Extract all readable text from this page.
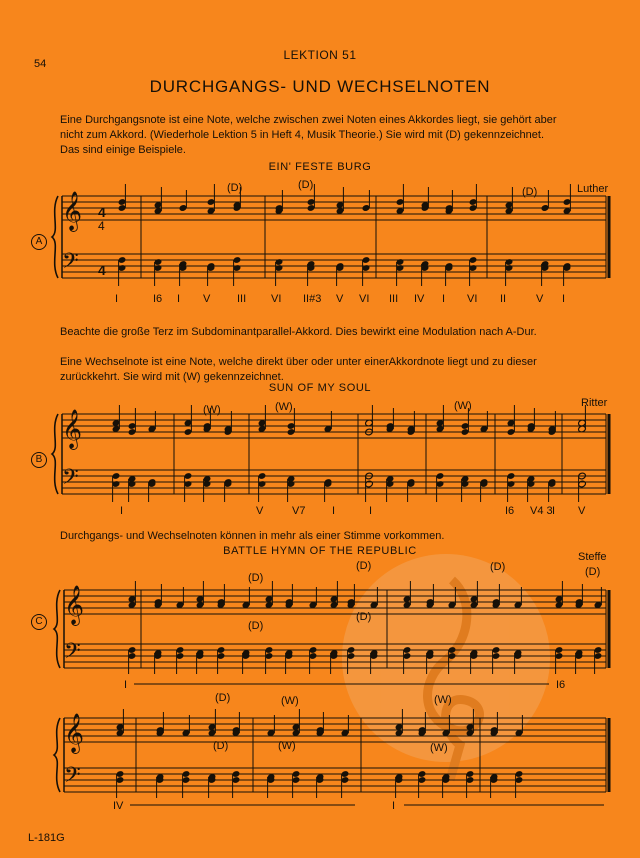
54
LEKTION 51
DURCHGANGS- UND WECHSELNOTEN
Eine Durchgangsnote ist eine Note, welche zwischen zwei Noten eines Akkordes liegt, sie gehört aber
nicht zum Akkord. (Wiederhole Lektion 5 in Heft 4, Musik Theorie.) Sie wird mit (D) gekennzeichnet.
Das sind einige Beispiele.
EIN' FESTE BURG
Luther
A
Beachte die große Terz im Subdominantparallel-Akkord. Dies bewirkt eine Modulation nach A-Dur.
Eine Wechselnote ist eine Note, welche direkt über oder unter einerAkkordnote liegt und zu dieser
zurückkehrt. Sie wird mit (W) gekennzeichnet.
SUN OF MY SOUL
Ritter
B
Durchgangs- und Wechselnoten können in mehr als einer Stimme vorkommen.
BATTLE HYMN OF THE REPUBLIC	Steffe
C
L-181G
𝄞
𝄢
4
4
4
𝄞
𝄢
𝄞
𝄢
𝄞
𝄢
(D)	(D)
(D)
I	I6 I V III VI II#3 V VI III IV I VI II	V I
(W)	(W)	(W)
I	V	V7 I	I	I6 V4 3 I V
(D)
(D)	(D)	(D)
(D)
(D)
I	I6
(D)	(W)	(W)
(D)	(W)	(W)
IV	I
